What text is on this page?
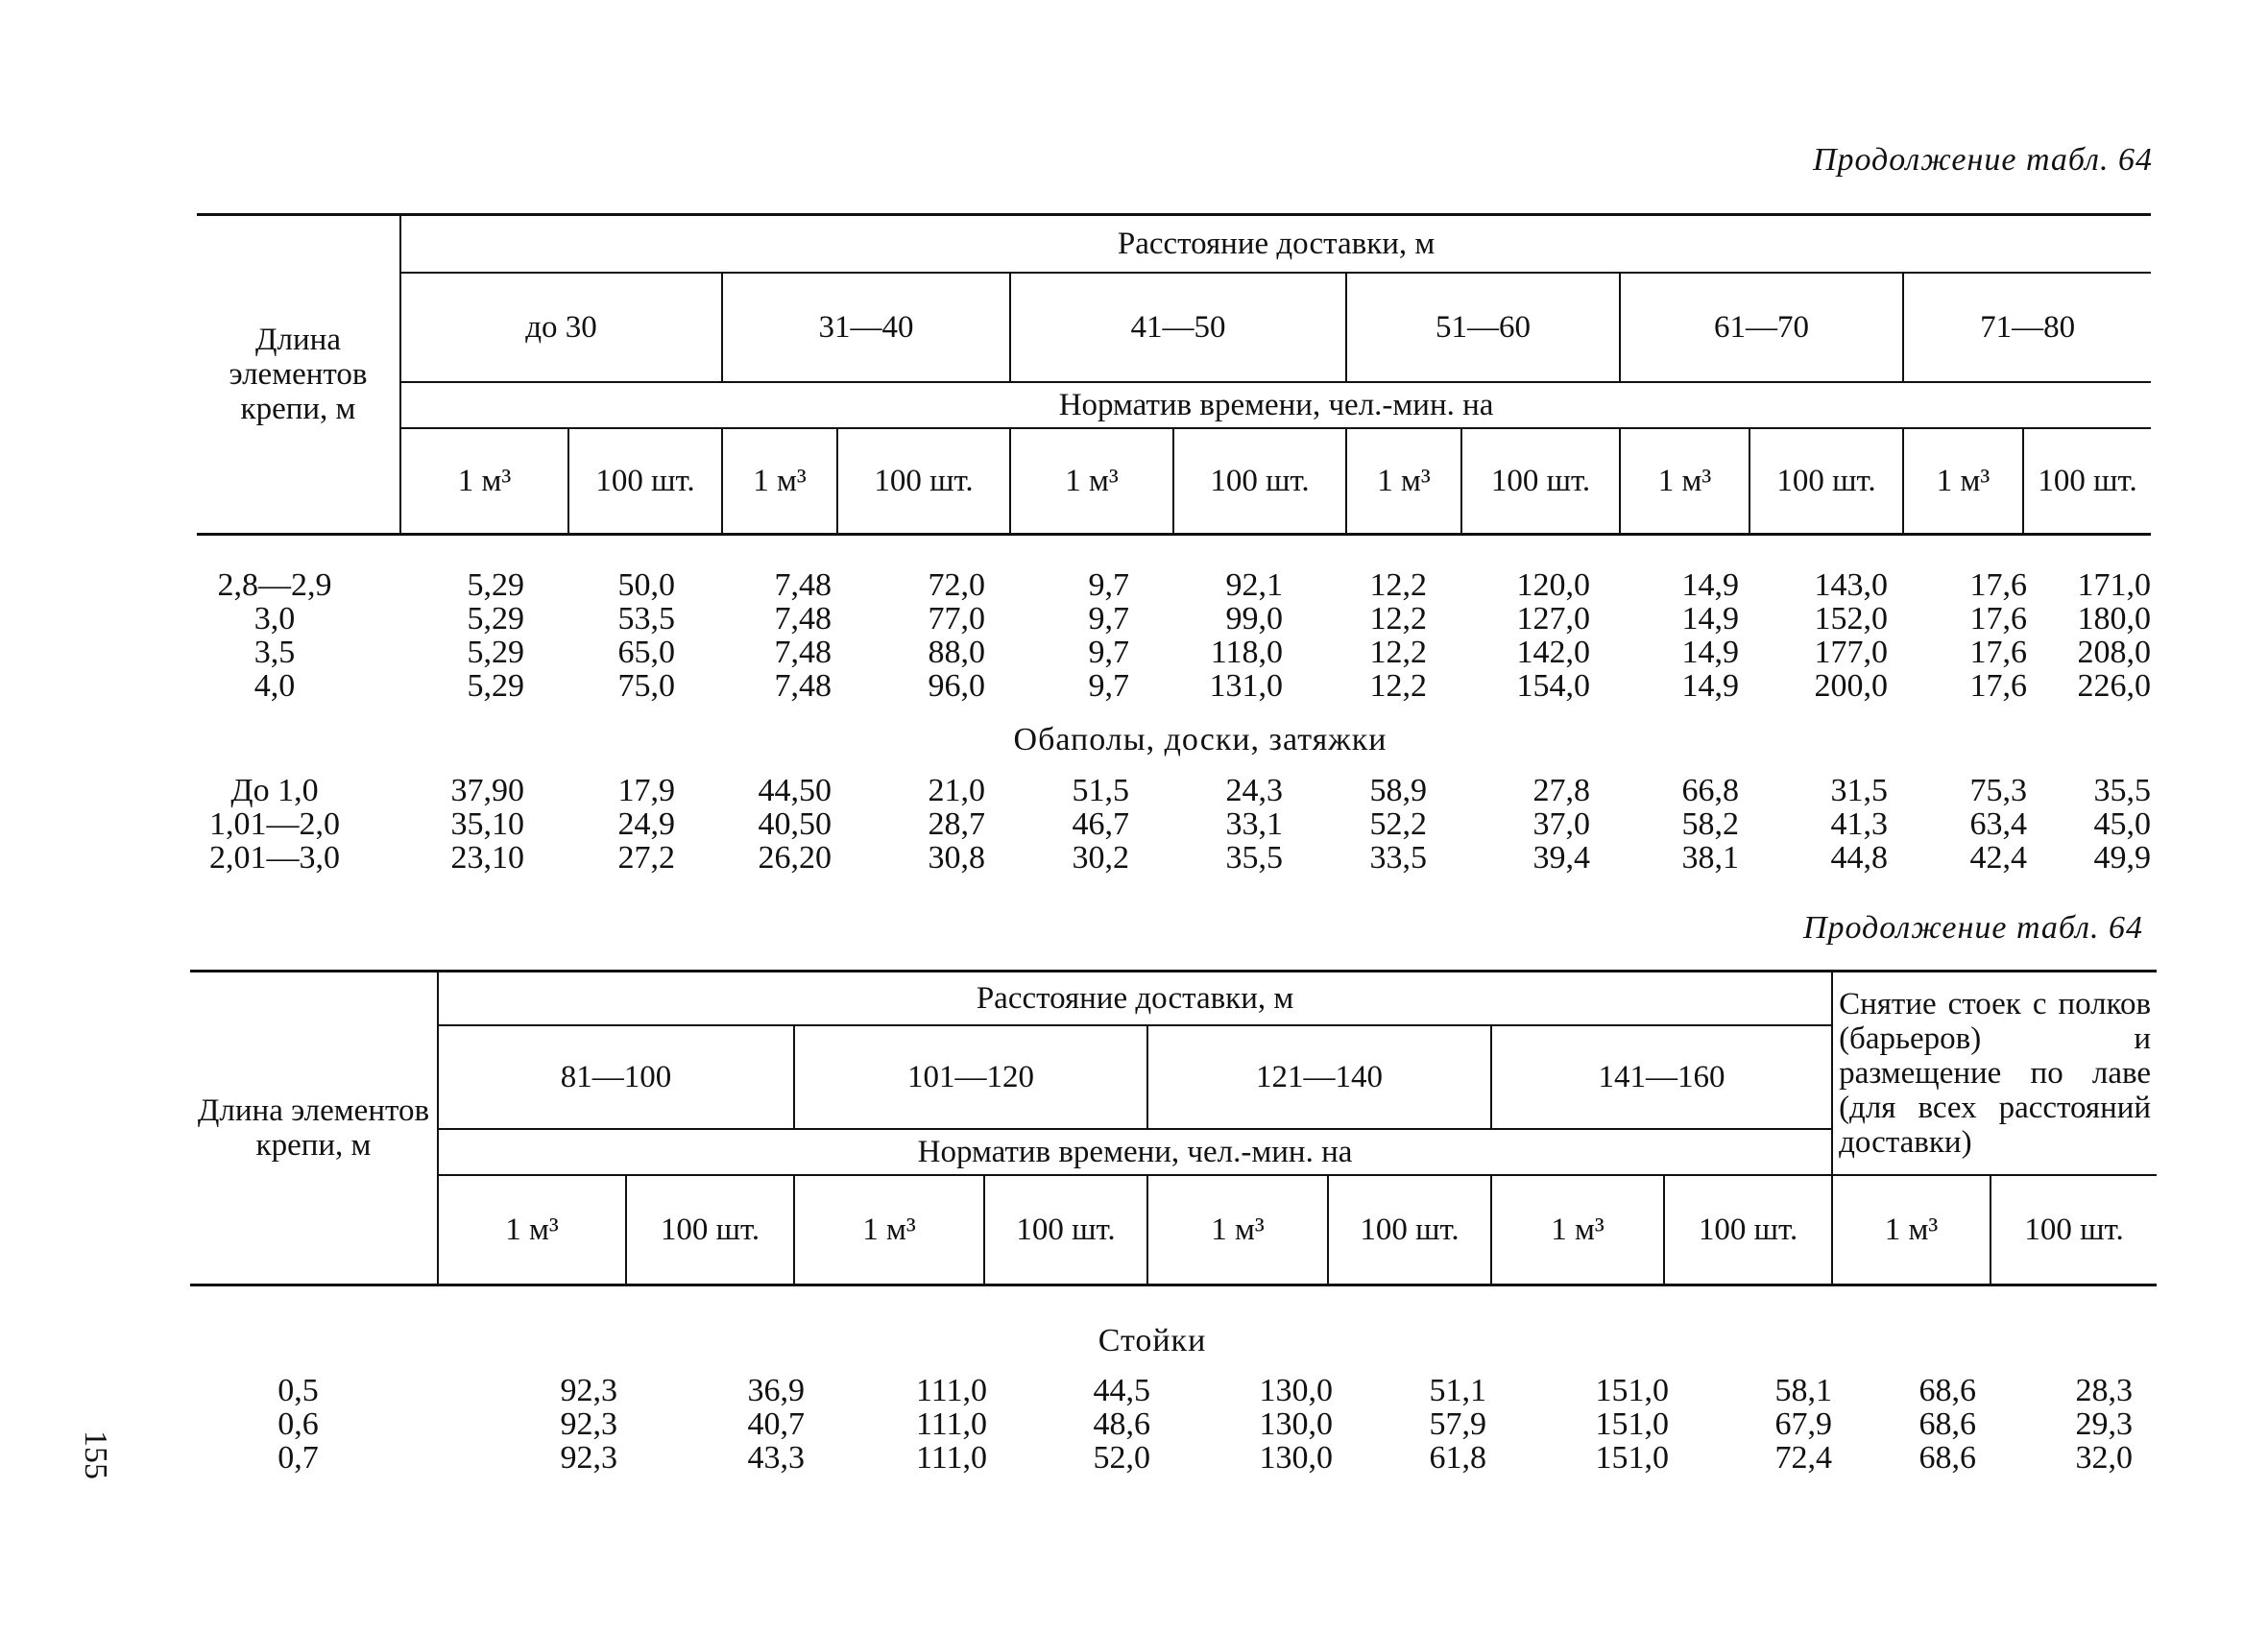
Продолжение табл. 64
Длина элементов крепи, м	Расстояние доставки, м											
	до 30		31—40		41—50		51—60		61—70		71—80	
	Норматив времени, чел.-мин. на											
	1 м³	100 шт.	1 м³	100 шт.	1 м³	100 шт.	1 м³	100 шт.	1 м³	100 шт.	1 м³	100 шт.
2,8—2,9	5,29	50,0	7,48	72,0	9,7	92,1	12,2	120,0	14,9	143,0	17,6	171,0
3,0	5,29	53,5	7,48	77,0	9,7	99,0	12,2	127,0	14,9	152,0	17,6	180,0
3,5	5,29	65,0	7,48	88,0	9,7	118,0	12,2	142,0	14,9	177,0	17,6	208,0
4,0	5,29	75,0	7,48	96,0	9,7	131,0	12,2	154,0	14,9	200,0	17,6	226,0
Обаполы, доски, затяжки
До 1,0	37,90	17,9	44,50	21,0	51,5	24,3	58,9	27,8	66,8	31,5	75,3	35,5
1,01—2,0	35,10	24,9	40,50	28,7	46,7	33,1	52,2	37,0	58,2	41,3	63,4	45,0
2,01—3,0	23,10	27,2	26,20	30,8	30,2	35,5	33,5	39,4	38,1	44,8	42,4	49,9
Продолжение табл. 64
Длина элементов крепи, м	Расстояние доставки, м								Снятие стоек с полков (барьеров) и размещение по лаве (для всех расстояний доставки)	
	81—100		101—120		121—140		141—160			
	Норматив времени, чел.-мин. на									
	1 м³	100 шт.	1 м³	100 шт.	1 м³	100 шт.	1 м³	100 шт.	1 м³	100 шт.
Стойки
0,5	92,3	36,9	111,0	44,5	130,0	51,1	151,0	58,1	68,6	28,3
0,6	92,3	40,7	111,0	48,6	130,0	57,9	151,0	67,9	68,6	29,3
0,7	92,3	43,3	111,0	52,0	130,0	61,8	151,0	72,4	68,6	32,0
155
